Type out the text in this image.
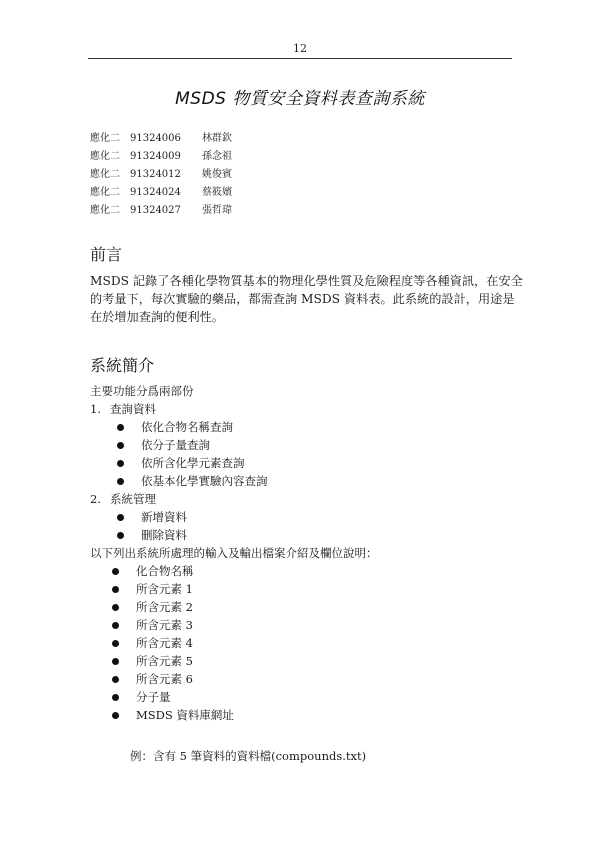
12
MSDS 物質安全資料表查詢系統
應化二	91324006	林群欽
應化二	91324009	孫念祖
應化二	91324012	姚俊賓
應化二	91324024	蔡筱嬪
應化二	91324027	張哲瑋
前言
MSDS 記錄了各種化學物質基本的物理化學性質及危險程度等各種資訊，在安全
的考量下，每次實驗的藥品，都需查詢 MSDS 資料表。此系統的設計，用途是
在於增加查詢的便利性。
系統簡介
主要功能分爲兩部份
1. 查詢資料
依化合物名稱查詢
依分子量查詢
依所含化學元素查詢
依基本化學實驗內容查詢
2. 系統管理
新增資料
刪除資料
以下列出系統所處理的輸入及輸出檔案介紹及欄位說明：
化合物名稱
所含元素 1
所含元素 2
所含元素 3
所含元素 4
所含元素 5
所含元素 6
分子量
MSDS 資料庫網址
例：含有 5 筆資料的資料檔(compounds.txt)
